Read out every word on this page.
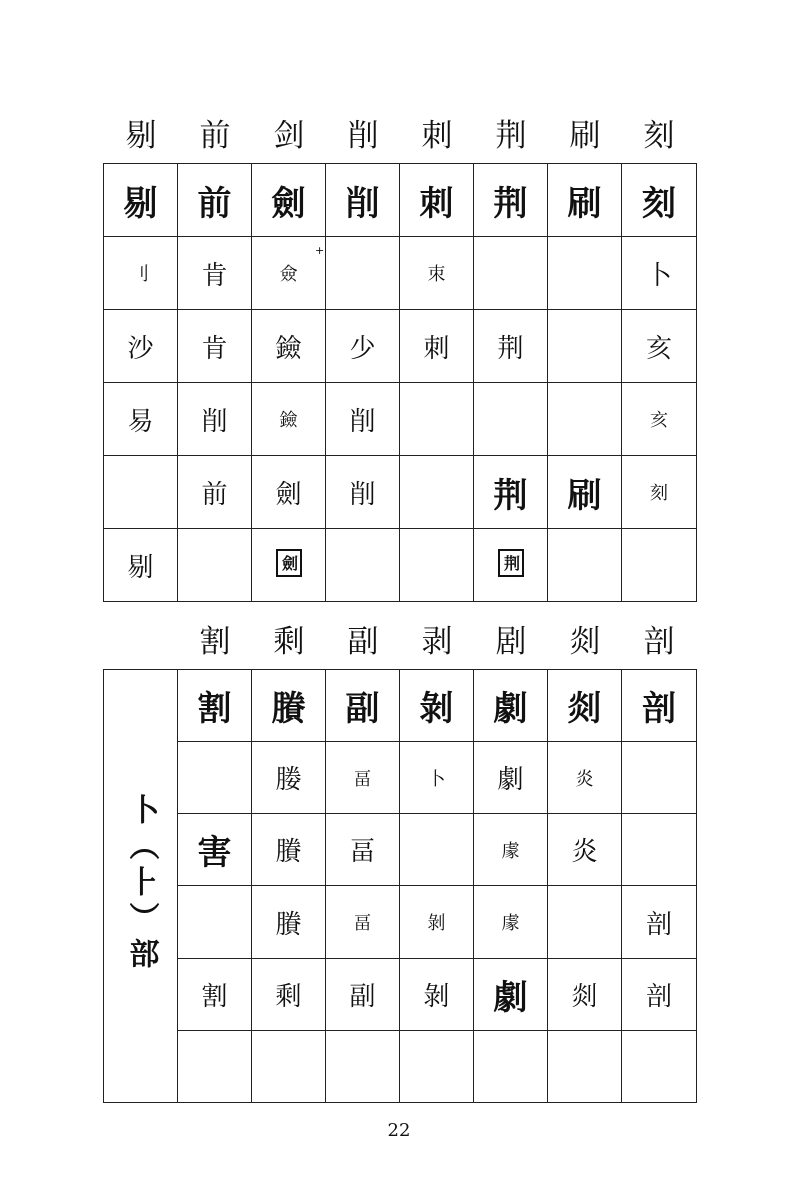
剔	前	剑	削	刺	荆	刷	刻
剔	前	劍	削	刺	荆	刷	刻
刂	肯	僉		朿			卜
沙	肯	鐱	少	刺	荆		亥
易	削	鐱	削				亥
	前	劍	削		荆	刷	刻
剔		劍			荆		
+
割	剩	副	剥	剧	剡	剖
卜（⺊）部	割	賸	副	剝	劇	剡	剖
		媵	畐	卜	劇	炎	
	害	賸	畐		豦	炎	
		賸	畐	剝	豦		剖
	割	剩	副	剝	劇	剡	剖

22
